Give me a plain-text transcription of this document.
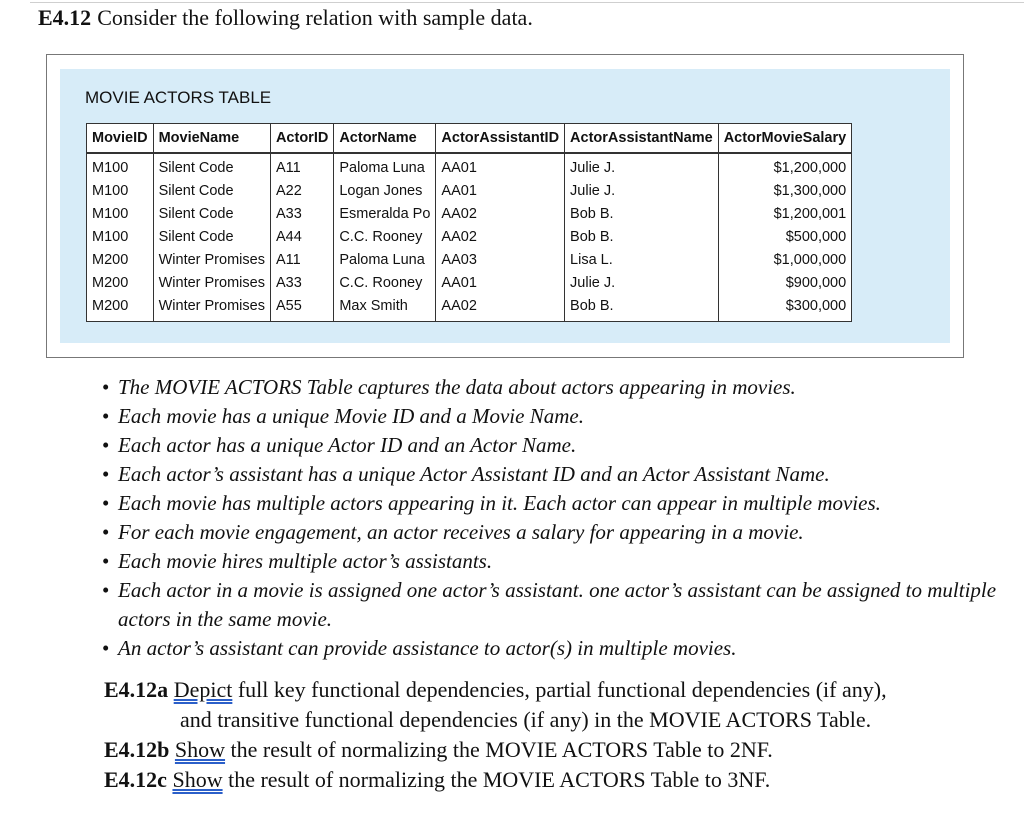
E4.12 Consider the following relation with sample data.
MOVIE ACTORS TABLE
MovieID	MovieName	ActorID	ActorName	ActorAssistantID	ActorAssistantName	ActorMovieSalary
M100	Silent Code	A11	Paloma Luna	AA01	Julie J.	$1,200,000
M100	Silent Code	A22	Logan Jones	AA01	Julie J.	$1,300,000
M100	Silent Code	A33	Esmeralda Po	AA02	Bob B.	$1,200,001
M100	Silent Code	A44	C.C. Rooney	AA02	Bob B.	$500,000
M200	Winter Promises	A11	Paloma Luna	AA03	Lisa L.	$1,000,000
M200	Winter Promises	A33	C.C. Rooney	AA01	Julie J.	$900,000
M200	Winter Promises	A55	Max Smith	AA02	Bob B.	$300,000
• The MOVIE ACTORS Table captures the data about actors appearing in movies.
• Each movie has a unique Movie ID and a Movie Name.
• Each actor has a unique Actor ID and an Actor Name.
• Each actor’s assistant has a unique Actor Assistant ID and an Actor Assistant Name.
• Each movie has multiple actors appearing in it. Each actor can appear in multiple movies.
• For each movie engagement, an actor receives a salary for appearing in a movie.
• Each movie hires multiple actor’s assistants.
• Each actor in a movie is assigned one actor’s assistant. one actor’s assistant can be assigned to multiple actors in the same movie.
• An actor’s assistant can provide assistance to actor(s) in multiple movies.
E4.12a Depict full key functional dependencies, partial functional dependencies (if any),
and transitive functional dependencies (if any) in the MOVIE ACTORS Table.
E4.12b Show the result of normalizing the MOVIE ACTORS Table to 2NF.
E4.12c Show the result of normalizing the MOVIE ACTORS Table to 3NF.
